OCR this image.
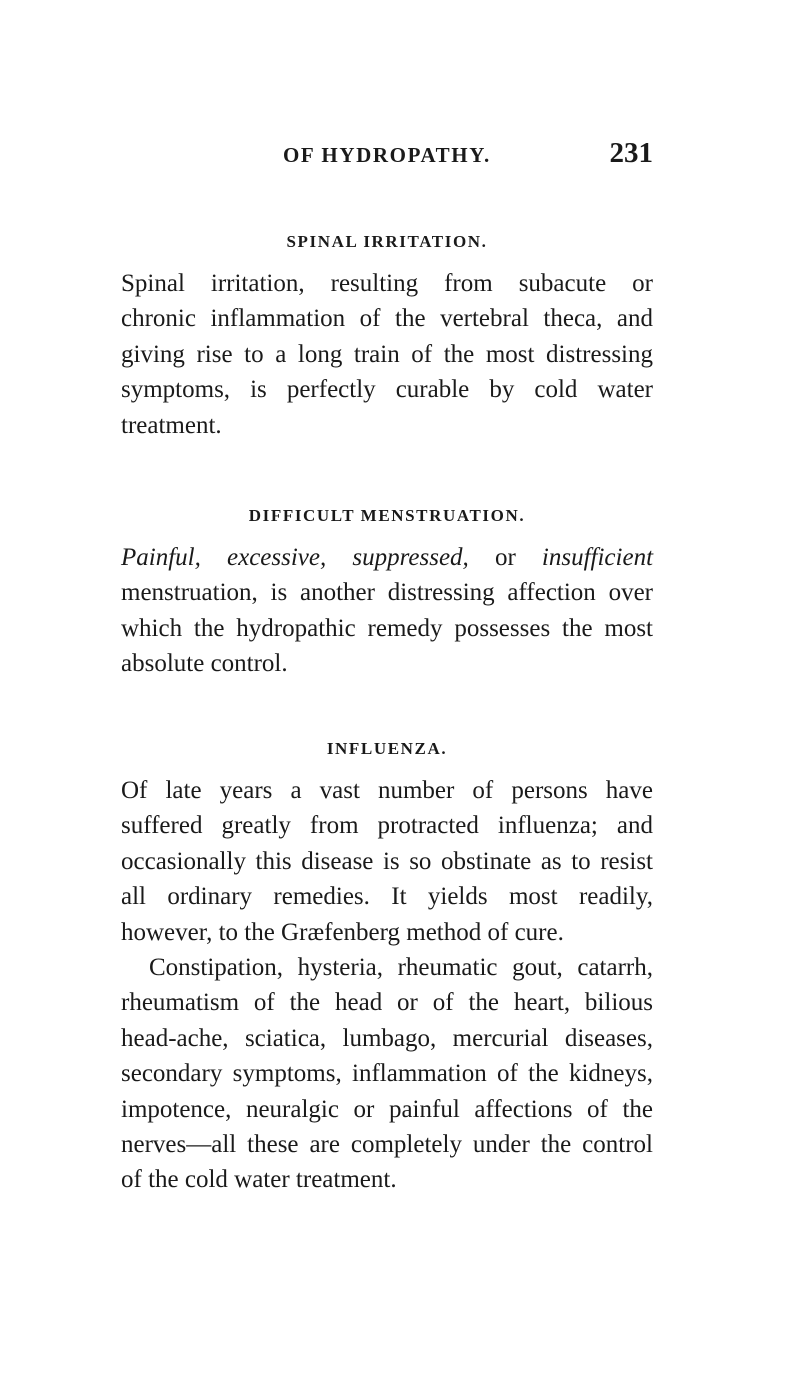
OF HYDROPATHY.	231

SPINAL IRRITATION.

Spinal irritation, resulting from subacute or
chronic inflammation of the vertebral theca, and
giving rise to a long train of the most distressing
symptoms, is perfectly curable by cold water
treatment.

DIFFICULT MENSTRUATION.

Painful, excessive, suppressed, or insufficient
menstruation, is another distressing affection over
which the hydropathic remedy possesses the most
absolute control.

INFLUENZA.

Of late years a vast number of persons have
suffered greatly from protracted influenza; and
occasionally this disease is so obstinate as to resist
all ordinary remedies. It yields most readily,
however, to the Græfenberg method of cure.

Constipation, hysteria, rheumatic gout, catarrh,
rheumatism of the head or of the heart, bilious
head-ache, sciatica, lumbago, mercurial diseases,
secondary symptoms, inflammation of the kidneys,
impotence, neuralgic or painful affections of the
nerves—all these are completely under the control
of the cold water treatment.
